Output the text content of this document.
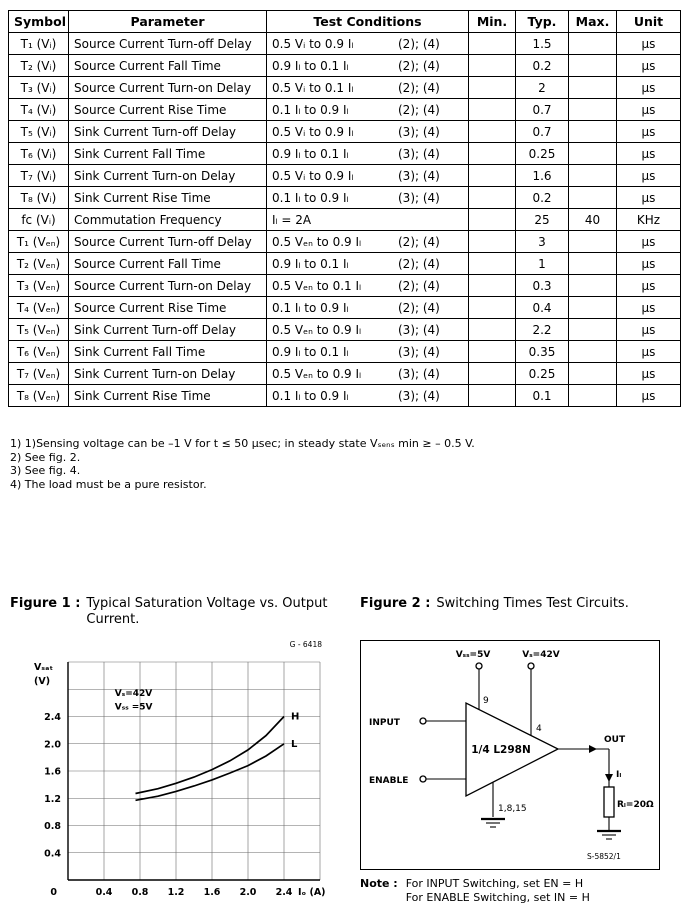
Symbol	Parameter	Test Conditions	Min.	Typ.	Max.	Unit
T₁ (Vᵢ)	Source Current Turn-off Delay	0.5 Vᵢ to 0.9 Iₗ (2); (4)		1.5		μs
T₂ (Vᵢ)	Source Current Fall Time	0.9 Iₗ to 0.1 Iₗ (2); (4)		0.2		μs
T₃ (Vᵢ)	Source Current Turn-on Delay	0.5 Vᵢ to 0.1 Iₗ (2); (4)		2		μs
T₄ (Vᵢ)	Source Current Rise Time	0.1 Iₗ to 0.9 Iₗ (2); (4)		0.7		μs
T₅ (Vᵢ)	Sink Current Turn-off Delay	0.5 Vᵢ to 0.9 Iₗ (3); (4)		0.7		μs
T₆ (Vᵢ)	Sink Current Fall Time	0.9 Iₗ to 0.1 Iₗ (3); (4)		0.25		μs
T₇ (Vᵢ)	Sink Current Turn-on Delay	0.5 Vᵢ to 0.9 Iₗ (3); (4)		1.6		μs
T₈ (Vᵢ)	Sink Current Rise Time	0.1 Iₗ to 0.9 Iₗ (3); (4)		0.2		μs
fc (Vᵢ)	Commutation Frequency	Iₗ = 2A		25	40	KHz
T₁ (Vₑₙ)	Source Current Turn-off Delay	0.5 Vₑₙ to 0.9 Iₗ (2); (4)		3		μs
T₂ (Vₑₙ)	Source Current Fall Time	0.9 Iₗ to 0.1 Iₗ (2); (4)		1		μs
T₃ (Vₑₙ)	Source Current Turn-on Delay	0.5 Vₑₙ to 0.1 Iₗ (2); (4)		0.3		μs
T₄ (Vₑₙ)	Source Current Rise Time	0.1 Iₗ to 0.9 Iₗ (2); (4)		0.4		μs
T₅ (Vₑₙ)	Sink Current Turn-off Delay	0.5 Vₑₙ to 0.9 Iₗ (3); (4)		2.2		μs
T₆ (Vₑₙ)	Sink Current Fall Time	0.9 Iₗ to 0.1 Iₗ (3); (4)		0.35		μs
T₇ (Vₑₙ)	Sink Current Turn-on Delay	0.5 Vₑₙ to 0.9 Iₗ (3); (4)		0.25		μs
T₈ (Vₑₙ)	Sink Current Rise Time	0.1 Iₗ to 0.9 Iₗ (3); (4)		0.1		μs
1) 1)Sensing voltage can be –1 V for t ≤ 50 μsec; in steady state Vₛₑₙₛ min ≥ – 0.5 V.
2) See fig. 2.
3) See fig. 4.
4) The load must be a pure resistor.
Figure 1 : Typical Saturation Voltage vs. Output Current.
Figure 2 : Switching Times Test Circuits.
G - 6418
0	0.4 0.8 1.2 1.6 2.0 2.4
0.4
0.8
1.2
1.6
2.0
2.4
Iₒ (A)
Vₛₐₜ
(V)
Vₛ=42V
Vₛₛ =5V
H
L
Vₛₛ=5V	Vₛ=42V
9
4
INPUT
ENABLE
1/4 L298N
1,8,15
OUT
Iₗ
Rₗ=20Ω
S-5852/1
Note : For INPUT Switching, set EN = H
For ENABLE Switching, set IN = H
